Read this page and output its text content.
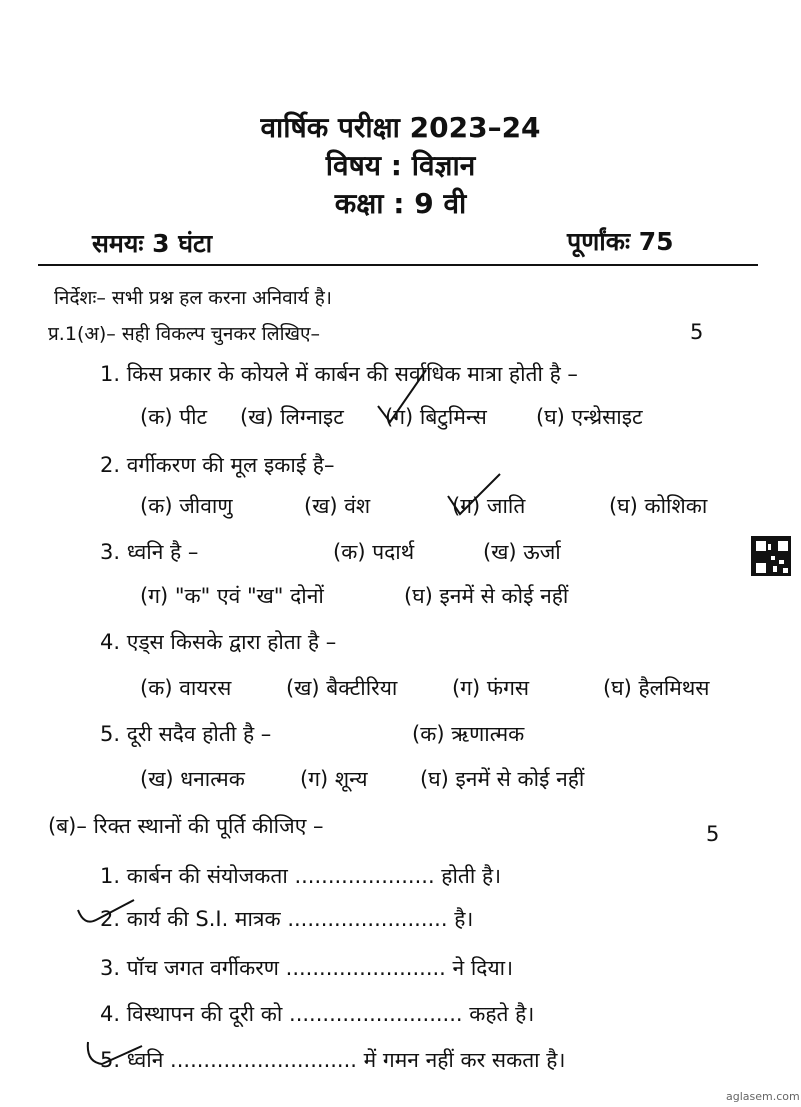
वार्षिक परीक्षा 2023–24
विषय : विज्ञान
कक्षा : 9 वी
समयः 3 घंटा	पूर्णांकः 75
निर्देशः– सभी प्रश्न हल करना अनिवार्य है।
प्र.1(अ)– सही विकल्प चुनकर लिखिए–	5
1. किस प्रकार के कोयले में कार्बन की सर्वाधिक मात्रा होती है –
(क) पीट (ख) लिग्नाइट (ग) बिटुमिन्स (घ) एन्थ्रेसाइट
2. वर्गीकरण की मूल इकाई है–
(क) जीवाणु	(ख) वंश	(ग) जाति	(घ) कोशिका
3. ध्वनि है –	(क) पदार्थ	(ख) ऊर्जा
(ग) "क" एवं "ख" दोनों	(घ) इनमें से कोई नहीं
4. एड्स किसके द्वारा होता है –
(क) वायरस	(ख) बैक्टीरिया	(ग) फंगस	(घ) हैलमिथस
5. दूरी सदैव होती है –	(क) ऋणात्मक
(ख) धनात्मक	(ग) शून्य (घ) इनमें से कोई नहीं
(ब)– रिक्त स्थानों की पूर्ति कीजिए –	5
1. कार्बन की संयोजकता ..................... होती है।
2. कार्य की S.I. मात्रक ........................ है।
3. पॉच जगत वर्गीकरण ........................ ने दिया।
4. विस्थापन की दूरी को .......................... कहते है।
5. ध्वनि ............................ में गमन नहीं कर सकता है।
aglasem.com
